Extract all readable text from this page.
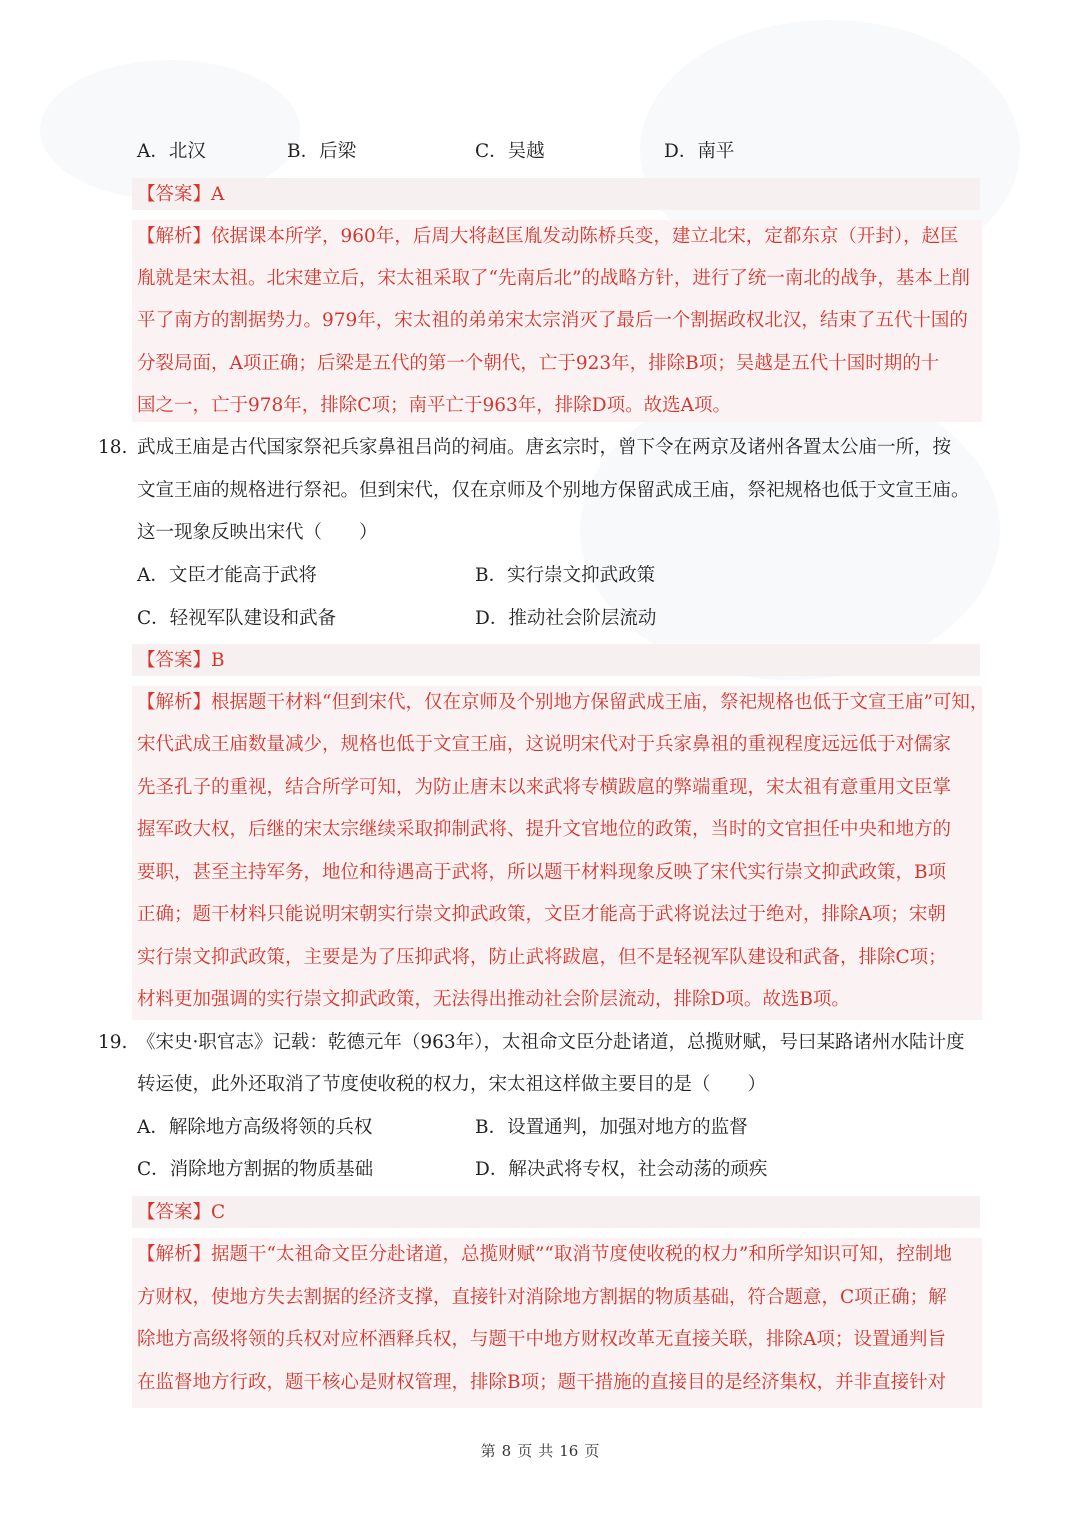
A．北汉	B．后梁	C．吴越	D．南平
【答案】A
【解析】依据课本所学，960年，后周大将赵匡胤发动陈桥兵变，建立北宋，定都东京（开封），赵匡
胤就是宋太祖。北宋建立后，宋太祖采取了“先南后北”的战略方针，进行了统一南北的战争，基本上削
平了南方的割据势力。979年，宋太祖的弟弟宋太宗消灭了最后一个割据政权北汉，结束了五代十国的
分裂局面，A项正确；后梁是五代的第一个朝代，亡于923年，排除B项；吴越是五代十国时期的十
国之一，亡于978年，排除C项；南平亡于963年，排除D项。故选A项。
18. 武成王庙是古代国家祭祀兵家鼻祖吕尚的祠庙。唐玄宗时，曾下令在两京及诸州各置太公庙一所，按
文宣王庙的规格进行祭祀。但到宋代，仅在京师及个别地方保留武成王庙，祭祀规格也低于文宣王庙。
这一现象反映出宋代（　　）
A．文臣才能高于武将	B．实行崇文抑武政策
C．轻视军队建设和武备	D．推动社会阶层流动
【答案】B
【解析】根据题干材料“但到宋代，仅在京师及个别地方保留武成王庙，祭祀规格也低于文宣王庙”可知，
宋代武成王庙数量减少，规格也低于文宣王庙，这说明宋代对于兵家鼻祖的重视程度远远低于对儒家
先圣孔子的重视，结合所学可知，为防止唐末以来武将专横跋扈的弊端重现，宋太祖有意重用文臣掌
握军政大权，后继的宋太宗继续采取抑制武将、提升文官地位的政策，当时的文官担任中央和地方的
要职，甚至主持军务，地位和待遇高于武将，所以题干材料现象反映了宋代实行崇文抑武政策，B项
正确；题干材料只能说明宋朝实行崇文抑武政策，文臣才能高于武将说法过于绝对，排除A项；宋朝
实行崇文抑武政策，主要是为了压抑武将，防止武将跋扈，但不是轻视军队建设和武备，排除C项；
材料更加强调的实行崇文抑武政策，无法得出推动社会阶层流动，排除D项。故选B项。
19. 《宋史·职官志》记载：乾德元年（963年），太祖命文臣分赴诸道，总揽财赋，号曰某路诸州水陆计度
转运使，此外还取消了节度使收税的权力，宋太祖这样做主要目的是（　　）
A．解除地方高级将领的兵权	B．设置通判，加强对地方的监督
C．消除地方割据的物质基础	D．解决武将专权，社会动荡的顽疾
【答案】C
【解析】据题干“太祖命文臣分赴诸道，总揽财赋”“取消节度使收税的权力”和所学知识可知，控制地
方财权，使地方失去割据的经济支撑，直接针对消除地方割据的物质基础，符合题意，C项正确；解
除地方高级将领的兵权对应杯酒释兵权，与题干中地方财权改革无直接关联，排除A项；设置通判旨
在监督地方行政，题干核心是财权管理，排除B项；题干措施的直接目的是经济集权，并非直接针对
第 8 页 共 16 页
